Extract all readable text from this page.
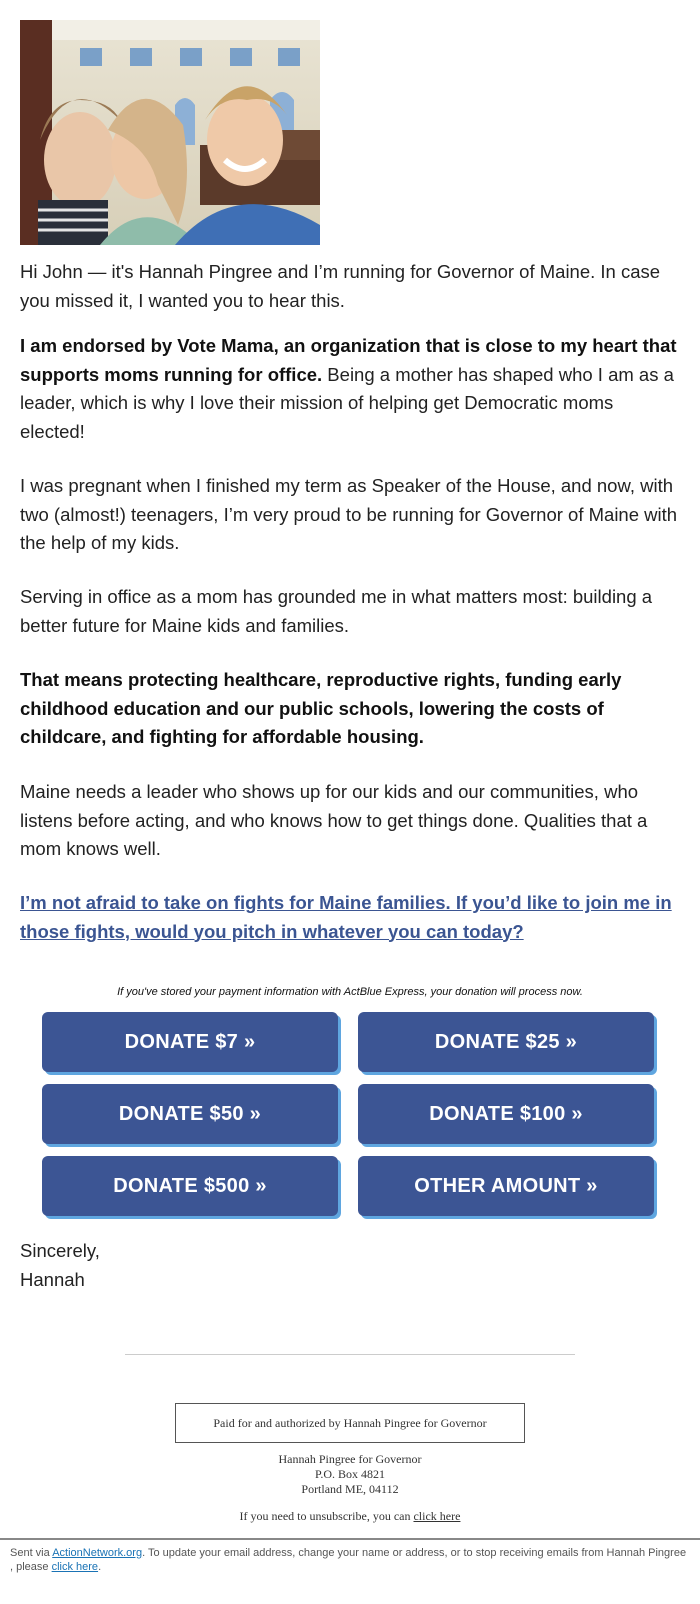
Hi John — it's Hannah Pingree and I’m running for Governor of Maine. In case you missed it, I wanted you to hear this.

I am endorsed by Vote Mama, an organization that is close to my heart that supports moms running for office. Being a mother has shaped who I am as a leader, which is why I love their mission of helping get Democratic moms elected!

I was pregnant when I finished my term as Speaker of the House, and now, with two (almost!) teenagers, I’m very proud to be running for Governor of Maine with the help of my kids.

Serving in office as a mom has grounded me in what matters most: building a better future for Maine kids and families.

That means protecting healthcare, reproductive rights, funding early childhood education and our public schools, lowering the costs of childcare, and fighting for affordable housing.

Maine needs a leader who shows up for our kids and our communities, who listens before acting, and who knows how to get things done. Qualities that a mom knows well.

I’m not afraid to take on fights for Maine families. If you’d like to join me in those fights, would you pitch in whatever you can today?

If you've stored your payment information with ActBlue Express, your donation will process now.
DONATE $7 »	DONATE $25 »
DONATE $50 »	DONATE $100 »
DONATE $500 »	OTHER AMOUNT »

Sincerely,

Hannah

Paid for and authorized by Hannah Pingree for Governor
Hannah Pingree for Governor
P.O. Box 4821
Portland ME, 04112
If you need to unsubscribe, you can click here
Sent via ActionNetwork.org. To update your email address, change your name or address, or to stop receiving emails from Hannah Pingree , please click here.
